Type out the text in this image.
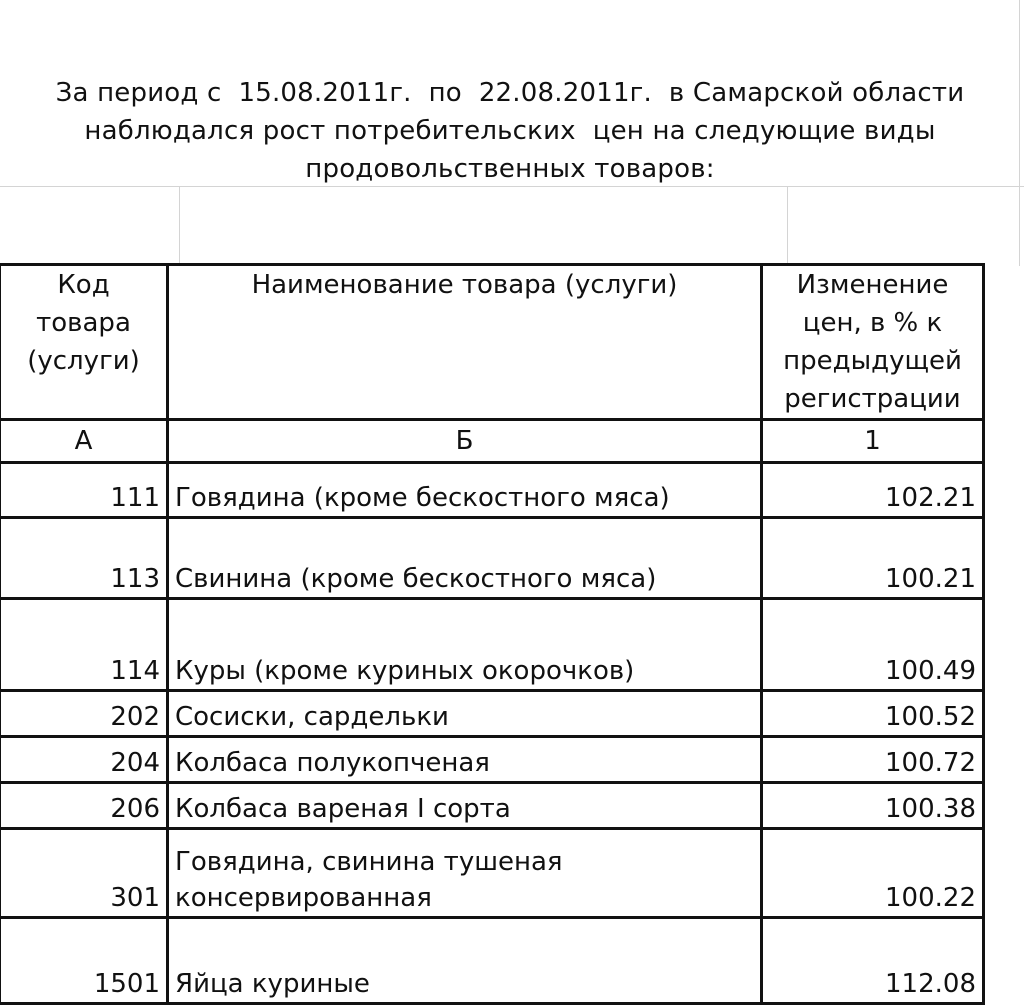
За период с  15.08.2011г.  по  22.08.2011г.  в Самарской области
наблюдался рост потребительских  цен на следующие виды
продовольственных товаров:
Код товара (услуги)	Наименование товара (услуги)	Изменение цен, в % к предыдущей регистрации
А	Б	1
111	Говядина (кроме бескостного мяса)	102.21
113	Свинина (кроме бескостного мяса)	100.21
114	Куры (кроме куриных окорочков)	100.49
202	Сосиски, сардельки	100.52
204	Колбаса полукопченая	100.72
206	Колбаса вареная I сорта	100.38
301	Говядина, свинина тушеная консервированная	100.22
1501	Яйца куриные	112.08
